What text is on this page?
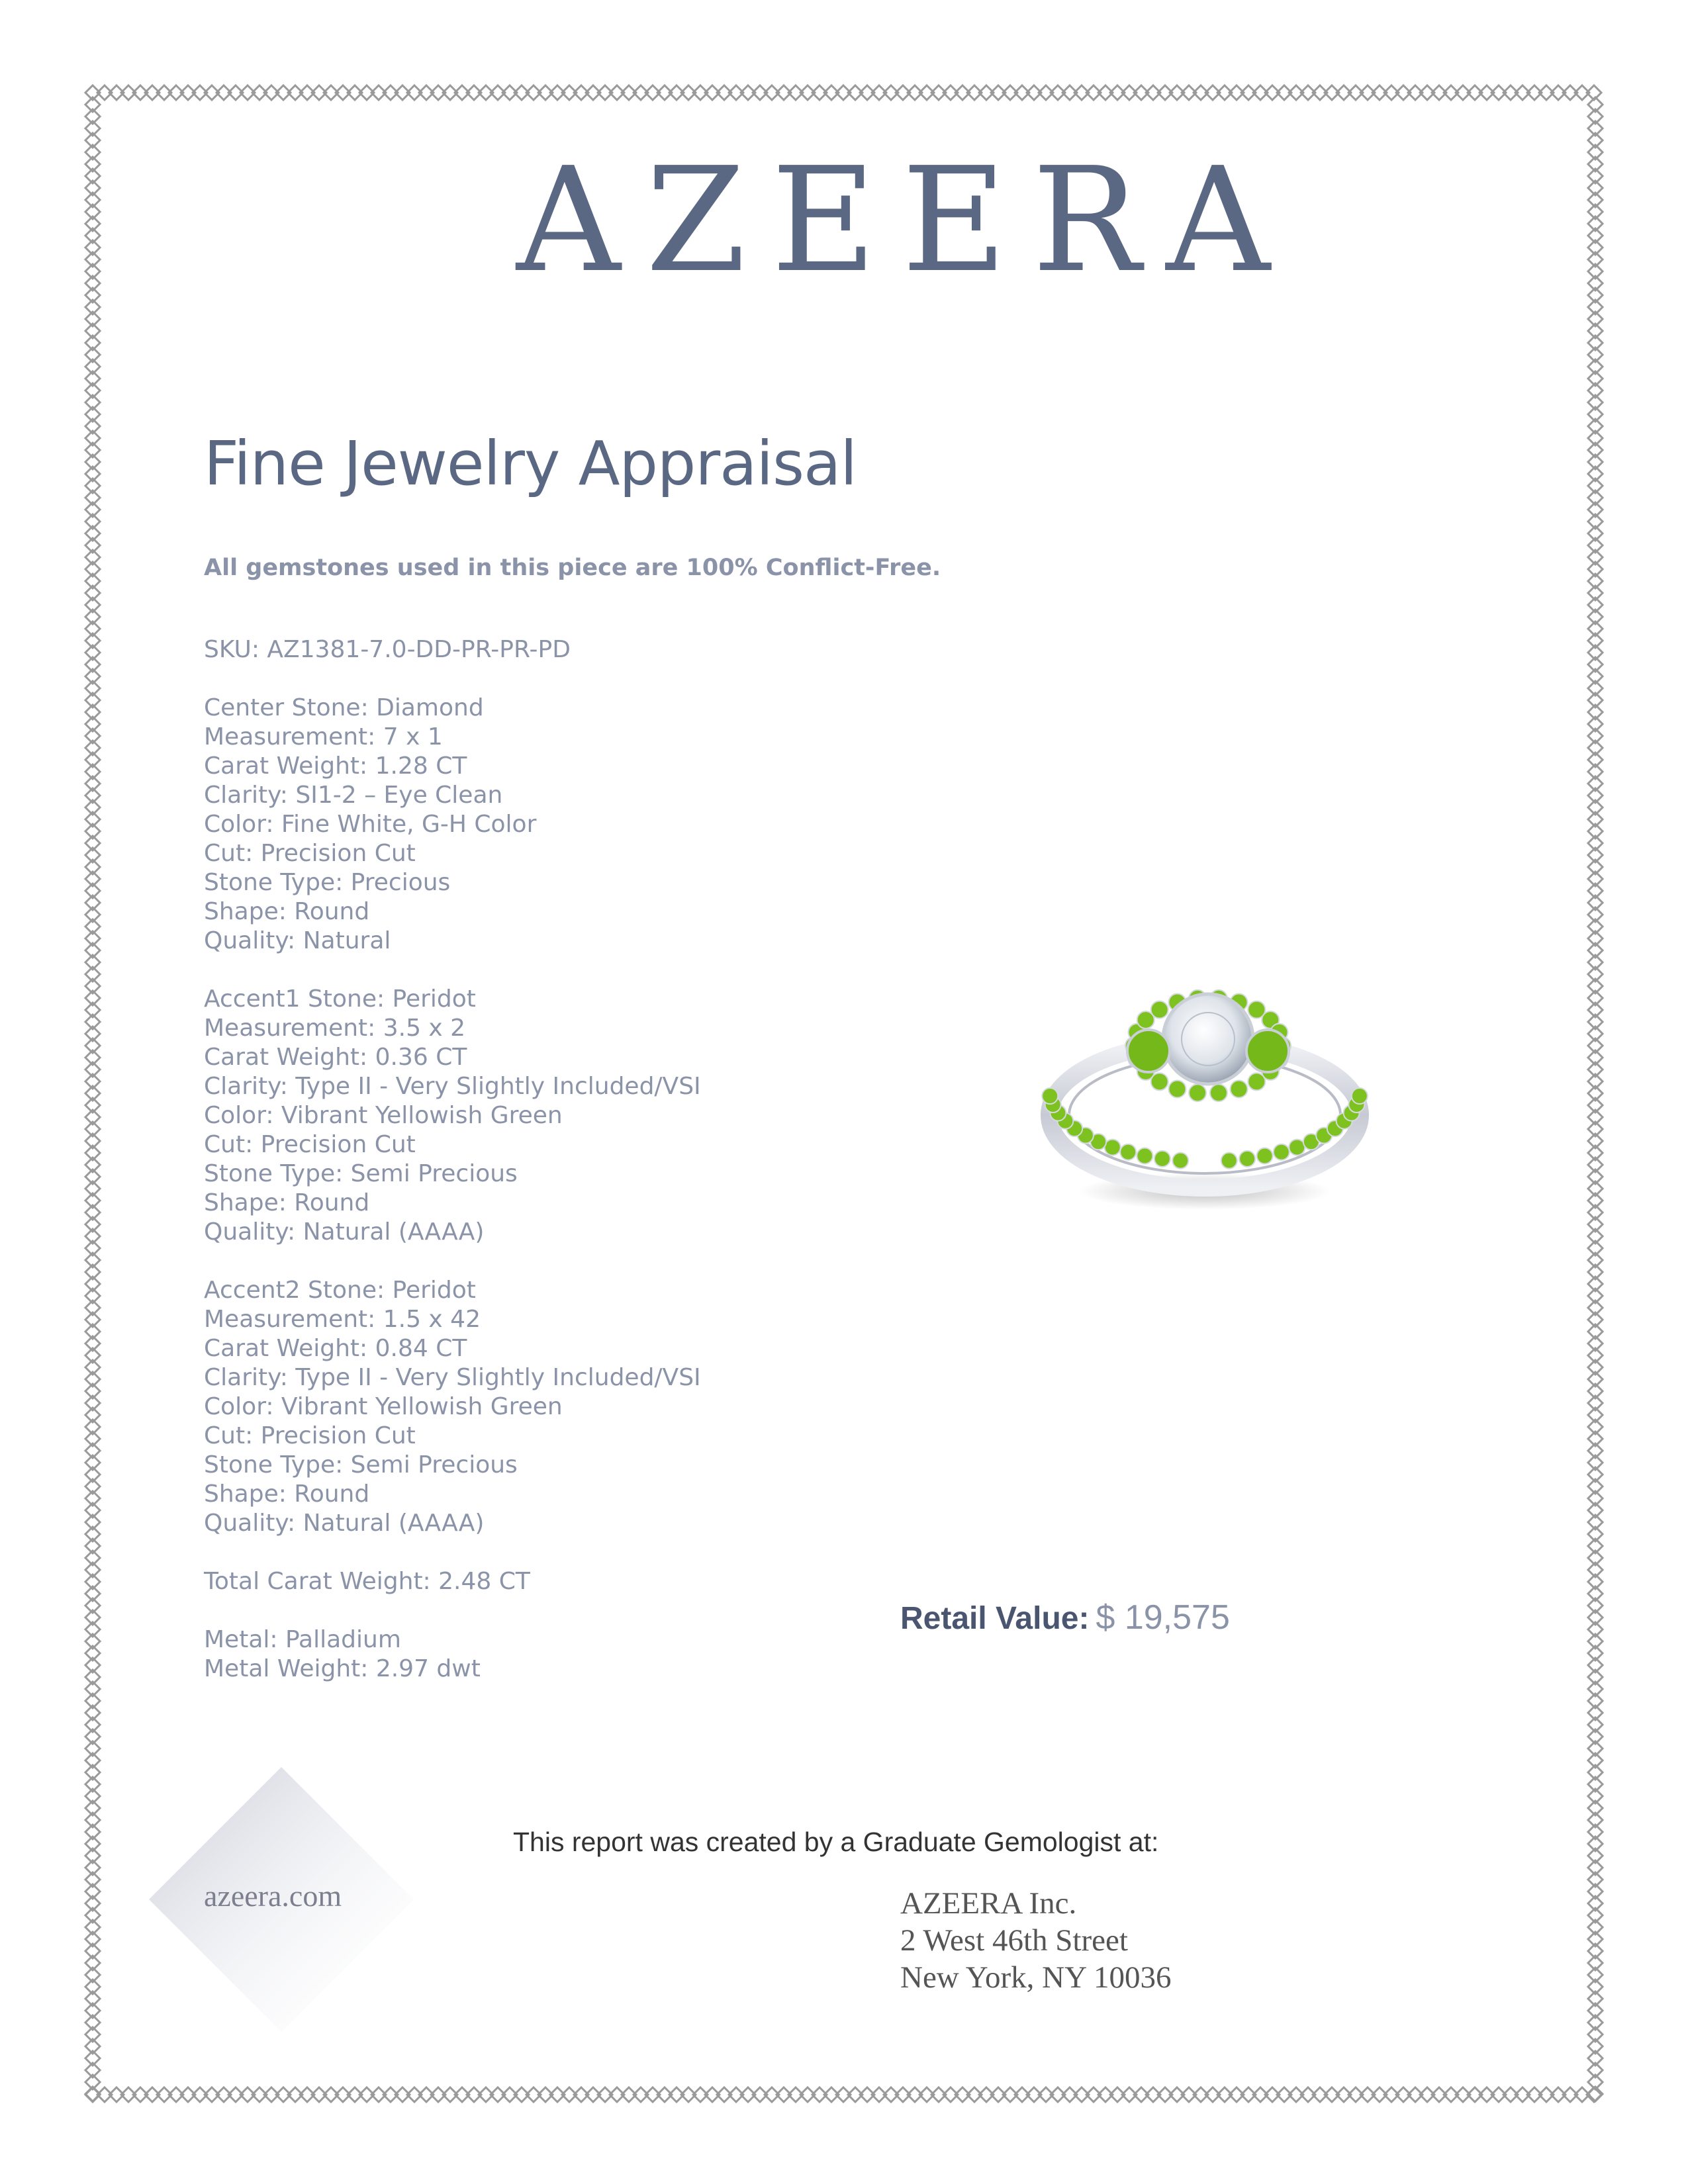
AZEERA
Fine Jewelry Appraisal
All gemstones used in this piece are 100% Conflict-Free.
SKU: AZ1381-7.0-DD-PR-PR-PD
Center Stone: Diamond
Measurement: 7 x 1
Carat Weight: 1.28 CT
Clarity: SI1-2 – Eye Clean
Color: Fine White, G-H Color
Cut: Precision Cut
Stone Type: Precious
Shape: Round
Quality: Natural
Accent1 Stone: Peridot
Measurement: 3.5 x 2
Carat Weight: 0.36 CT
Clarity: Type II - Very Slightly Included/VSI
Color: Vibrant Yellowish Green
Cut: Precision Cut
Stone Type: Semi Precious
Shape: Round
Quality: Natural (AAAA)
Accent2 Stone: Peridot
Measurement: 1.5 x 42
Carat Weight: 0.84 CT
Clarity: Type II - Very Slightly Included/VSI
Color: Vibrant Yellowish Green
Cut: Precision Cut
Stone Type: Semi Precious
Shape: Round
Quality: Natural (AAAA)
Total Carat Weight: 2.48 CT
Metal: Palladium
Metal Weight: 2.97 dwt
Retail Value: $ 19,575
azeera.com
This report was created by a Graduate Gemologist at:
AZEERA Inc.
2 West 46th Street
New York, NY 10036
